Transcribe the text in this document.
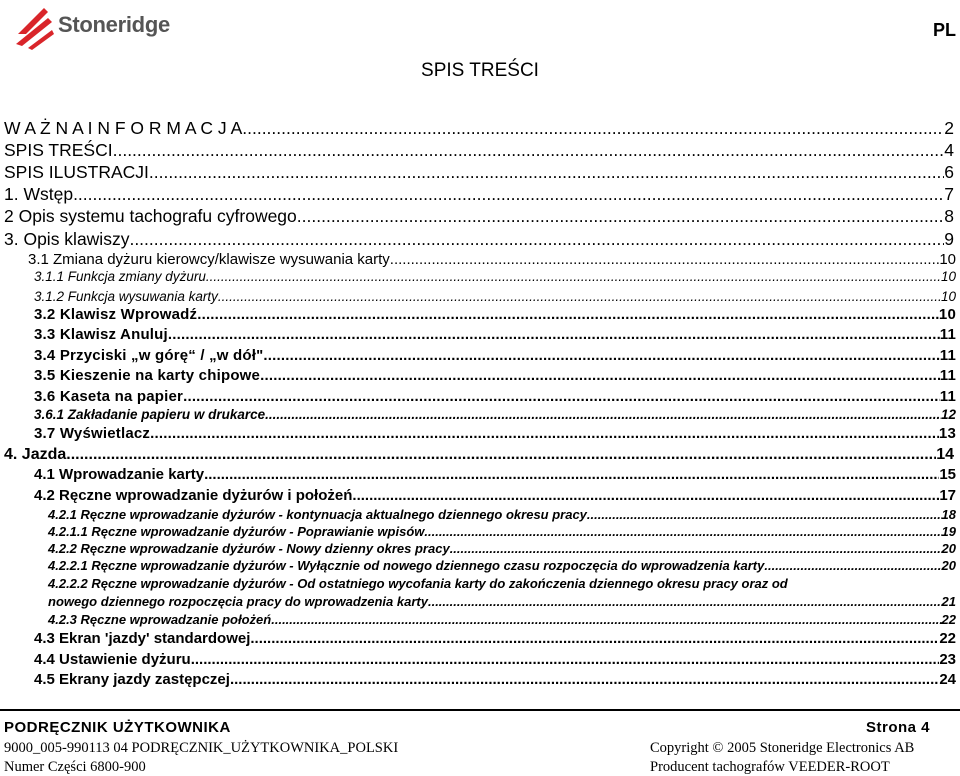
Stoneridge	PL
SPIS TREŚCI
W A Ż N A I N F O R M A C J A .....	2
SPIS TREŚCI .....	4
SPIS ILUSTRACJI .....	6
1. Wstęp .....	7
2 Opis systemu tachografu cyfrowego .....	8
3. Opis klawiszy .....	9
3.1 Zmiana dyżuru kierowcy/klawisze wysuwania karty .....	10
3.1.1 Funkcja zmiany dyżuru .....	10
3.1.2 Funkcja wysuwania karty .....	10
3.2 Klawisz Wprowadź .....	10
3.3 Klawisz Anuluj .....	11
3.4 Przyciski „w górę“ / „w dół" .....	11
3.5 Kieszenie na karty chipowe .....	11
3.6 Kaseta na papier .....	11
3.6.1 Zakładanie papieru w drukarce .....	12
3.7 Wyświetlacz .....	13
4. Jazda .....	14
4.1 Wprowadzanie karty .....	15
4.2 Ręczne wprowadzanie dyżurów i położeń .....	17
4.2.1 Ręczne wprowadzanie dyżurów - kontynuacja aktualnego dziennego okresu pracy .....	18
4.2.1.1 Ręczne wprowadzanie dyżurów - Poprawianie wpisów .....	19
4.2.2 Ręczne wprowadzanie dyżurów - Nowy dzienny okres pracy .....	20
4.2.2.1 Ręczne wprowadzanie dyżurów - Wyłącznie od nowego dziennego czasu rozpoczęcia do wprowadzenia karty .....	20
4.2.2.2 Ręczne wprowadzanie dyżurów - Od ostatniego wycofania karty do zakończenia dziennego okresu pracy oraz od
nowego dziennego rozpoczęcia pracy do wprowadzenia karty .....	21
4.2.3 Ręczne wprowadzanie położeń .....	22
4.3 Ekran 'jazdy' standardowej .....	22
4.4 Ustawienie dyżuru .....	23
4.5 Ekrany jazdy zastępczej .....	24
PODRĘCZNIK UŻYTKOWNIKA	Strona 4
9000_005-990113 04 PODRĘCZNIK_UŻYTKOWNIKA_POLSKI
Numer Części 6800-900
Copyright © 2005 Stoneridge Electronics AB
Producent tachografów VEEDER-ROOT
